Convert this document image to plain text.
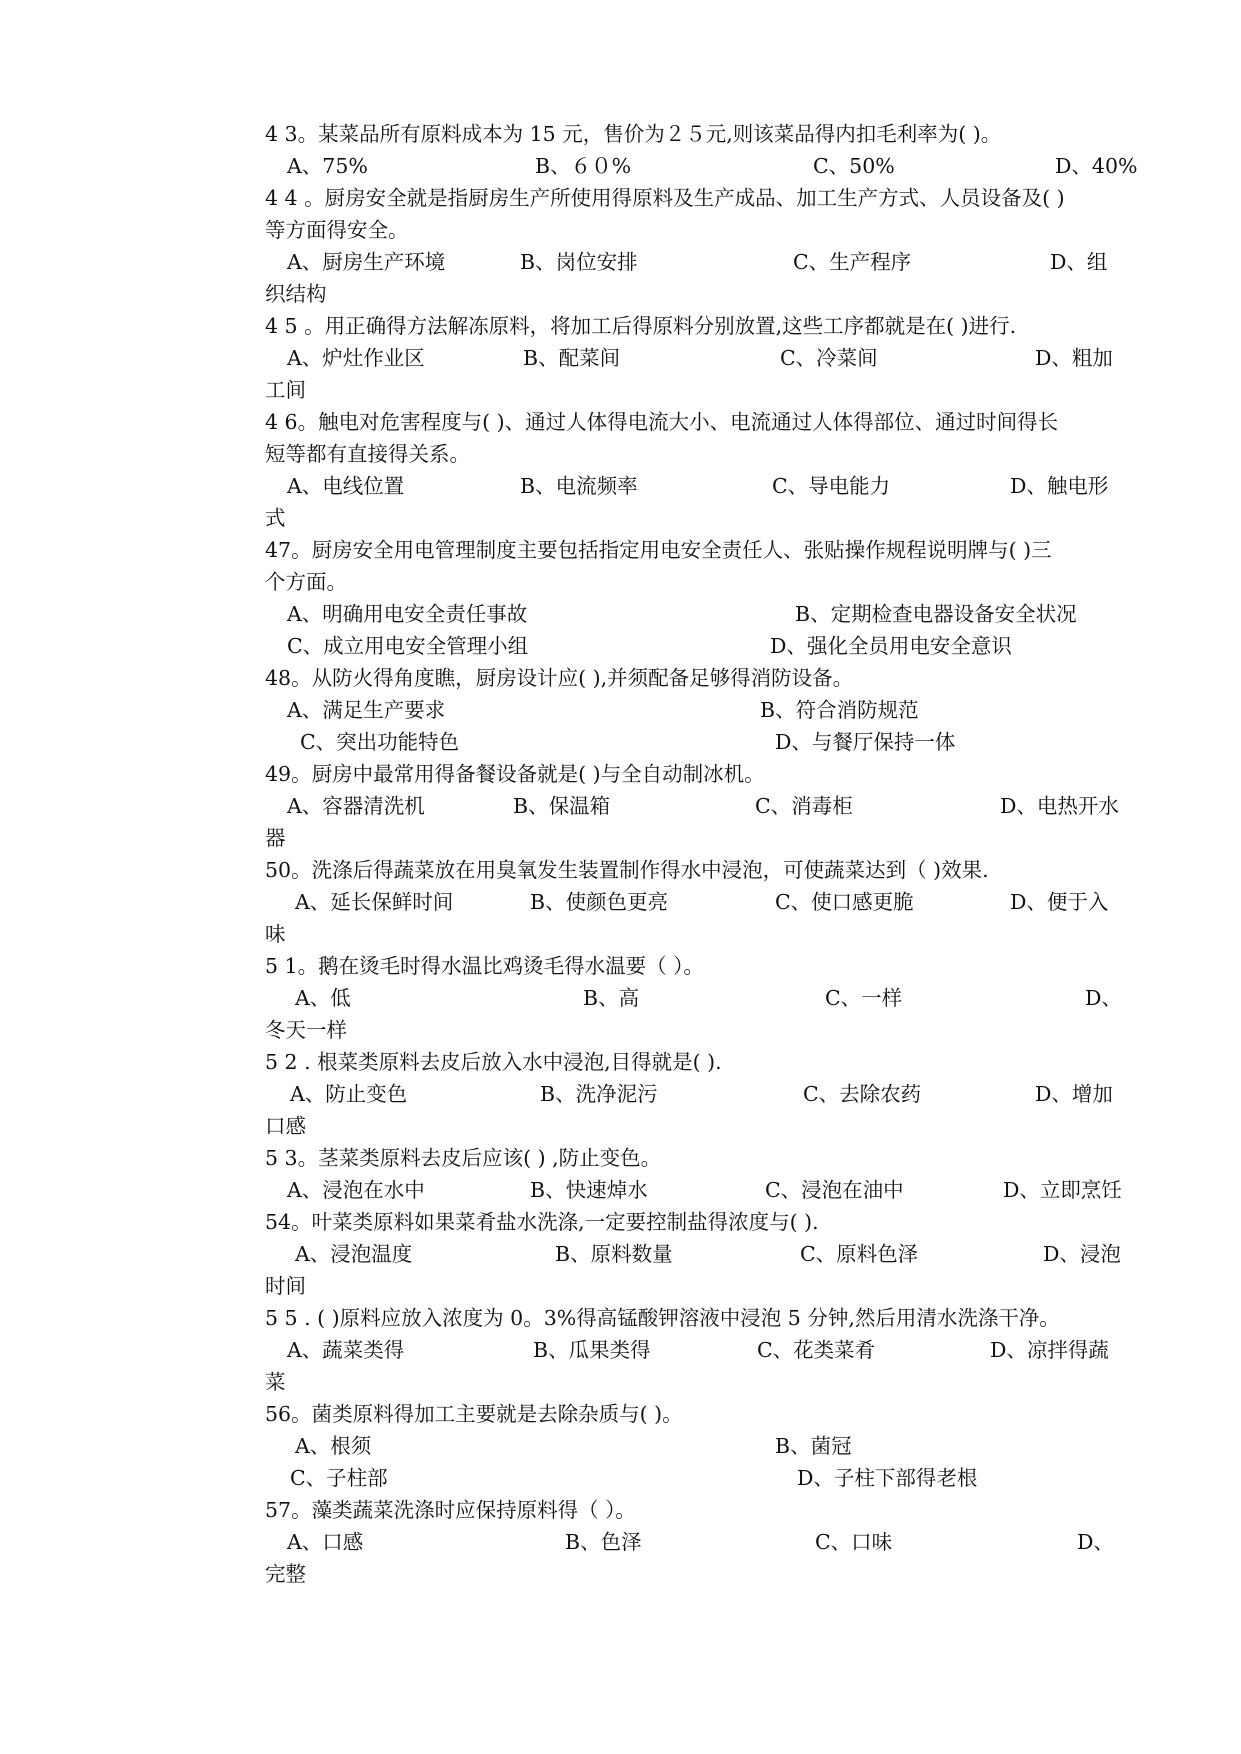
4 3。某菜品所有原料成本为 15 元，售价为２５元,则该菜品得内扣毛利率为( )。
A、75%	B、６０%	C、50%	D、40%
4 4 。厨房安全就是指厨房生产所使用得原料及生产成品、加工生产方式、人员设备及( )
等方面得安全。
A、厨房生产环境	B、岗位安排	C、生产程序	D、组
织结构
4 5 。用正确得方法解冻原料，将加工后得原料分别放置,这些工序都就是在( )进行.
A、炉灶作业区	B、配菜间	C、冷菜间	D、粗加
工间
4 6。触电对危害程度与( )、通过人体得电流大小、电流通过人体得部位、通过时间得长
短等都有直接得关系。
A、电线位置	B、电流频率	C、导电能力	D、触电形
式
47。厨房安全用电管理制度主要包括指定用电安全责任人、张贴操作规程说明牌与( )三
个方面。
A、明确用电安全责任事故	B、定期检查电器设备安全状况
C、成立用电安全管理小组	D、强化全员用电安全意识
48。从防火得角度瞧，厨房设计应( ),并须配备足够得消防设备。
A、满足生产要求	B、符合消防规范
C、突出功能特色	D、与餐厅保持一体
49。厨房中最常用得备餐设备就是( )与全自动制冰机。
A、容器清洗机	B、保温箱	C、消毒柜	D、电热开水
器
50。洗涤后得蔬菜放在用臭氧发生装置制作得水中浸泡，可使蔬菜达到（ )效果.
A、延长保鲜时间	B、使颜色更亮	C、使口感更脆	D、便于入
味
5 1。鹅在烫毛时得水温比鸡烫毛得水温要（ ）。
A、低	B、高	C、一样	D、
冬天一样
5 2 . 根菜类原料去皮后放入水中浸泡,目得就是( ).
A、防止变色	B、洗净泥污	C、去除农药	D、增加
口感
5 3。茎菜类原料去皮后应该( ) ,防止变色。
A、浸泡在水中	B、快速焯水	C、浸泡在油中	D、立即烹饪
54。叶菜类原料如果菜肴盐水洗涤,一定要控制盐得浓度与( ).
A、浸泡温度	B、原料数量	C、原料色泽	D、浸泡
时间
5 5 . ( )原料应放入浓度为 0。3%得高锰酸钾溶液中浸泡 5 分钟,然后用清水洗涤干净。
A、蔬菜类得	B、瓜果类得	C、花类菜肴	D、凉拌得蔬
菜
56。菌类原料得加工主要就是去除杂质与( )。
A、根须	B、菌冠
C、子柱部	D、子柱下部得老根
57。藻类蔬菜洗涤时应保持原料得（ ）。
A、口感	B、色泽	C、口味	D、
完整
